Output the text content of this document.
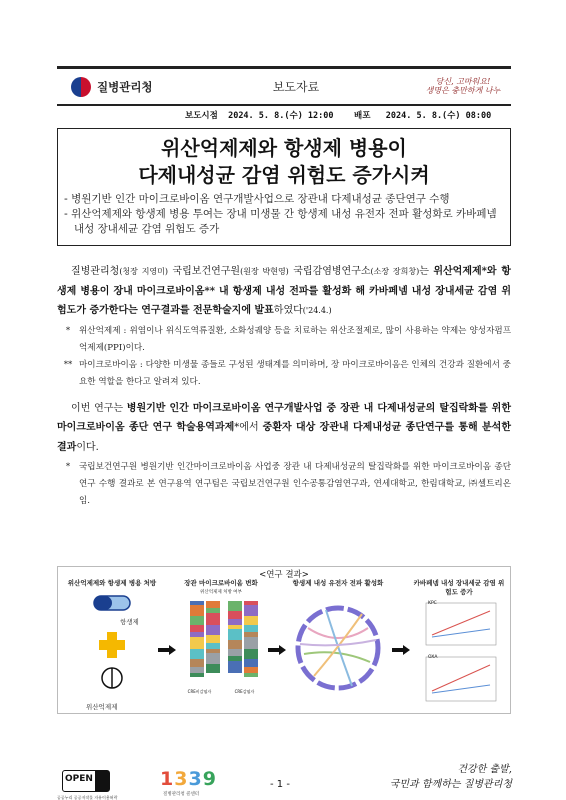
질병관리청	보도자료	당신, 고마워요!
생명은 충만하게 나누
보도시점  2024. 5. 8.(수) 12:00    배포   2024. 5. 8.(수) 08:00
위산억제제와 항생제 병용이
다제내성균 감염 위험도 증가시켜
- 병원기반 인간 마이크로바이옴 연구개발사업으로 장관내 다제내성균 종단연구 수행
- 위산억제제와 항생제 병용 투여는 장내 미생물 간 항생제 내성 유전자 전파 활성화로 카바페넴 내성 장내세균 감염 위험도 증가
질병관리청(청장 지영미) 국립보건연구원(원장 박현영) 국립감염병연구소(소장 장희창)는 위산억제제*와 항생제 병용이 장내 마이크로바이옴** 내 항생제 내성 전파를 활성화 해 카바페넴 내성 장내세균 감염 위험도가 증가한다는 연구결과를 전문학술지에 발표하였다('24.4.)
*	위산억제제 : 위염이나 위식도역류질환, 소화성궤양 등을 치료하는 위산조절제로, 많이 사용하는 약제는 양성자펌프억제제(PPI)이다.
** 마이크로바이옴 : 다양한 미생물 종들로 구성된 생태계를 의미하며, 장 마이크로바이옴은 인체의 건강과 질환에서 중요한 역할을 한다고 알려져 있다.
이번 연구는 병원기반 인간 마이크로바이옴 연구개발사업 중 장관 내 다제내성균의 탈집락화를 위한 마이크로바이옴 종단 연구 학술용역과제*에서 중환자 대상 장관내 다제내성균 종단연구를 통해 분석한 결과이다.
*	국립보건연구원 병원기반 인간마이크로바이옴 사업중 장관 내 다제내성균의 탈집락화를 위한 마이크로바이옴 종단 연구 수행 결과로 본 연구용역 연구팀은 국립보건연구원 인수공통감염연구과, 연세대학교, 한림대학교, ㈜셀트리온임.
<연구 결과>
위산억제제와 항생제 병용 처방
항생제
위산억제제
장관 마이크로바이옴 변화
위산억제제 처방 여부
CRE비감염자	CRE감염자
항생제 내성 유전자 전파 활성화	카바페넴 내성 장내세균 감염 위험도 증가
KPC
OXA
OPEN
공공누리 공공저작물 자유이용허락
1339
질병관리청 콜센터
- 1 -
건강한 출발,
국민과 함께하는 질병관리청
